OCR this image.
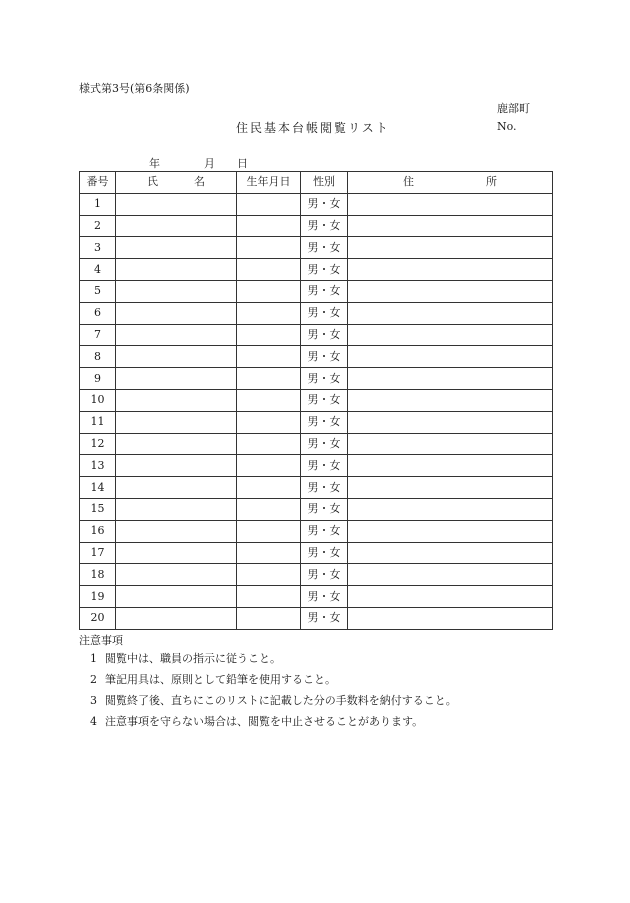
様式第3号(第6条関係)
鹿部町
住民基本台帳閲覧リスト	No.
年	月 日
番号	氏 名	生年月日	性別	住 所
1			男・女	
2			男・女	
3			男・女	
4			男・女	
5			男・女	
6			男・女	
7			男・女	
8			男・女	
9			男・女	
10			男・女	
11			男・女	
12			男・女	
13			男・女	
14			男・女	
15			男・女	
16			男・女	
17			男・女	
18			男・女	
19			男・女	
20			男・女	
注意事項
1 閲覧中は、職員の指示に従うこと。
2 筆記用具は、原則として鉛筆を使用すること。
3 閲覧終了後、直ちにこのリストに記載した分の手数料を納付すること。
4 注意事項を守らない場合は、閲覧を中止させることがあります。
